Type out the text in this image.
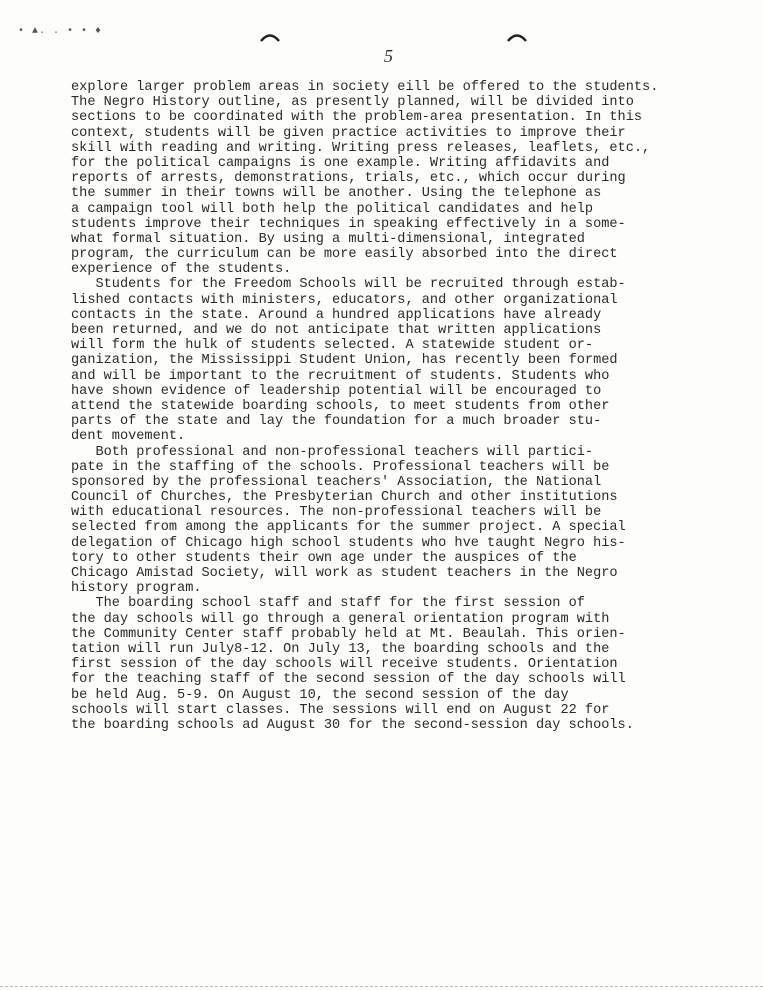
• ▲. . • • ♦
5
explore larger problem areas in society eill be offered to the students.
The Negro History outline, as presently planned, will be divided into
sections to be coordinated with the problem-area presentation. In this
context, students will be given practice activities to improve their
skill with reading and writing. Writing press releases, leaflets, etc.,
for the political campaigns is one example. Writing affidavits and
reports of arrests, demonstrations, trials, etc., which occur during
the summer in their towns will be another. Using the telephone as
a campaign tool will both help the political candidates and help
students improve their techniques in speaking effectively in a some-
what formal situation. By using a multi-dimensional, integrated
program, the curriculum can be more easily absorbed into the direct
experience of the students.
Students for the Freedom Schools will be recruited through estab-
lished contacts with ministers, educators, and other organizational
contacts in the state. Around a hundred applications have already
been returned, and we do not anticipate that written applications
will form the hulk of students selected. A statewide student or-
ganization, the Mississippi Student Union, has recently been formed
and will be important to the recruitment of students. Students who
have shown evidence of leadership potential will be encouraged to
attend the statewide boarding schools, to meet students from other
parts of the state and lay the foundation for a much broader stu-
dent movement.
Both professional and non-professional teachers will partici-
pate in the staffing of the schools. Professional teachers will be
sponsored by the professional teachers' Association, the National
Council of Churches, the Presbyterian Church and other institutions
with educational resources. The non-professional teachers will be
selected from among the applicants for the summer project. A special
delegation of Chicago high school students who hve taught Negro his-
tory to other students their own age under the auspices of the
Chicago Amistad Society, will work as student teachers in the Negro
history program.
The boarding school staff and staff for the first session of
the day schools will go through a general orientation program with
the Community Center staff probably held at Mt. Beaulah. This orien-
tation will run July8-12. On July 13, the boarding schools and the
first session of the day schools will receive students. Orientation
for the teaching staff of the second session of the day schools will
be held Aug. 5-9. On August 10, the second session of the day
schools will start classes. The sessions will end on August 22 for
the boarding schools ad August 30 for the second-session day schools.
